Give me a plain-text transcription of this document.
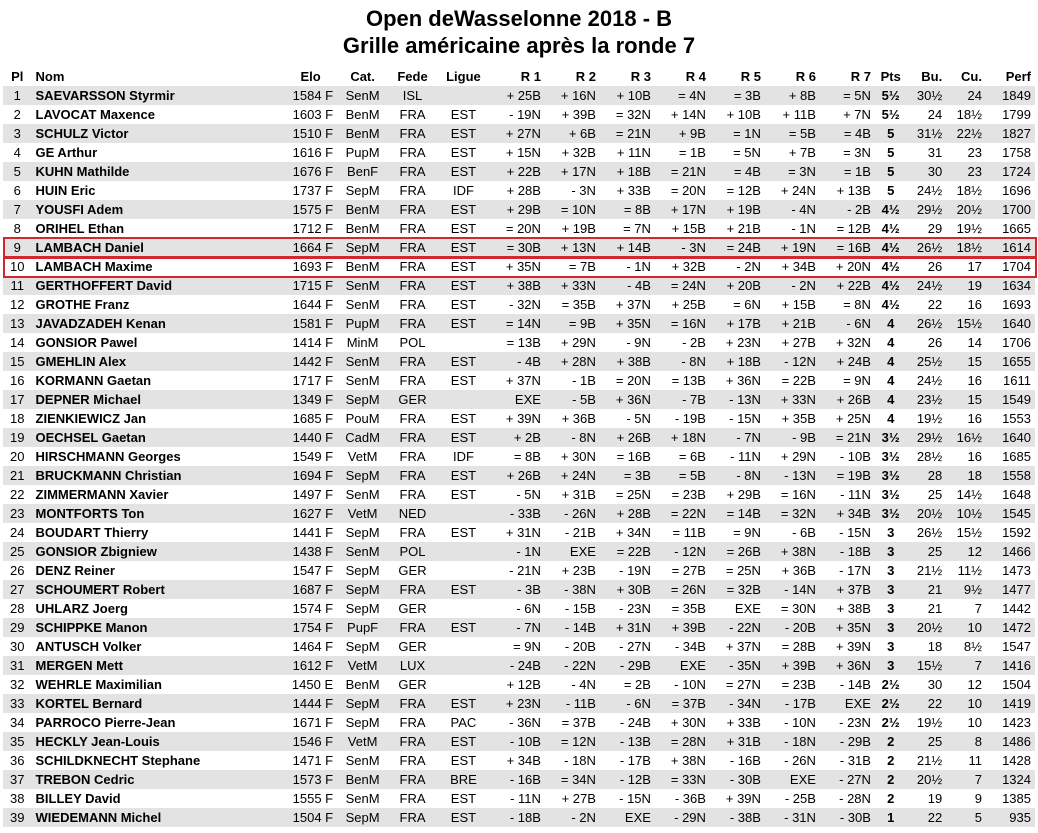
Open deWasselonne 2018 - B
Grille américaine après la ronde 7
Pl	Nom	Elo	Cat.	Fede	Ligue	R 1	R 2	R 3	R 4	R 5	R 6	R 7	Pts	Bu.	Cu.	Perf
1	SAEVARSSON Styrmir	1584 F	SenM	ISL		+ 25B	+ 16N	+ 10B	= 4N	= 3B	+ 8B	= 5N	5½	30½	24	1849
2	LAVOCAT Maxence	1603 F	BenM	FRA	EST	- 19N	+ 39B	= 32N	+ 14N	+ 10B	+ 11B	+ 7N	5½	24	18½	1799
3	SCHULZ Victor	1510 F	BenM	FRA	EST	+ 27N	+ 6B	= 21N	+ 9B	= 1N	= 5B	= 4B	5	31½	22½	1827
4	GE Arthur	1616 F	PupM	FRA	EST	+ 15N	+ 32B	+ 11N	= 1B	= 5N	+ 7B	= 3N	5	31	23	1758
5	KUHN Mathilde	1676 F	BenF	FRA	EST	+ 22B	+ 17N	+ 18B	= 21N	= 4B	= 3N	= 1B	5	30	23	1724
6	HUIN Eric	1737 F	SepM	FRA	IDF	+ 28B	- 3N	+ 33B	= 20N	= 12B	+ 24N	+ 13B	5	24½	18½	1696
7	YOUSFI Adem	1575 F	BenM	FRA	EST	+ 29B	= 10N	= 8B	+ 17N	+ 19B	- 4N	- 2B	4½	29½	20½	1700
8	ORIHEL Ethan	1712 F	BenM	FRA	EST	= 20N	+ 19B	= 7N	+ 15B	+ 21B	- 1N	= 12B	4½	29	19½	1665
9	LAMBACH Daniel	1664 F	SepM	FRA	EST	= 30B	+ 13N	+ 14B	- 3N	= 24B	+ 19N	= 16B	4½	26½	18½	1614
10	LAMBACH Maxime	1693 F	BenM	FRA	EST	+ 35N	= 7B	- 1N	+ 32B	- 2N	+ 34B	+ 20N	4½	26	17	1704
11	GERTHOFFERT David	1715 F	SenM	FRA	EST	+ 38B	+ 33N	- 4B	= 24N	+ 20B	- 2N	+ 22B	4½	24½	19	1634
12	GROTHE Franz	1644 F	SenM	FRA	EST	- 32N	= 35B	+ 37N	+ 25B	= 6N	+ 15B	= 8N	4½	22	16	1693
13	JAVADZADEH Kenan	1581 F	PupM	FRA	EST	= 14N	= 9B	+ 35N	= 16N	+ 17B	+ 21B	- 6N	4	26½	15½	1640
14	GONSIOR Pawel	1414 F	MinM	POL		= 13B	+ 29N	- 9N	- 2B	+ 23N	+ 27B	+ 32N	4	26	14	1706
15	GMEHLIN Alex	1442 F	SenM	FRA	EST	- 4B	+ 28N	+ 38B	- 8N	+ 18B	- 12N	+ 24B	4	25½	15	1655
16	KORMANN Gaetan	1717 F	SenM	FRA	EST	+ 37N	- 1B	= 20N	= 13B	+ 36N	= 22B	= 9N	4	24½	16	1611
17	DEPNER Michael	1349 F	SepM	GER		EXE	- 5B	+ 36N	- 7B	- 13N	+ 33N	+ 26B	4	23½	15	1549
18	ZIENKIEWICZ Jan	1685 F	PouM	FRA	EST	+ 39N	+ 36B	- 5N	- 19B	- 15N	+ 35B	+ 25N	4	19½	16	1553
19	OECHSEL Gaetan	1440 F	CadM	FRA	EST	+ 2B	- 8N	+ 26B	+ 18N	- 7N	- 9B	= 21N	3½	29½	16½	1640
20	HIRSCHMANN Georges	1549 F	VetM	FRA	IDF	= 8B	+ 30N	= 16B	= 6B	- 11N	+ 29N	- 10B	3½	28½	16	1685
21	BRUCKMANN Christian	1694 F	SepM	FRA	EST	+ 26B	+ 24N	= 3B	= 5B	- 8N	- 13N	= 19B	3½	28	18	1558
22	ZIMMERMANN Xavier	1497 F	SenM	FRA	EST	- 5N	+ 31B	= 25N	= 23B	+ 29B	= 16N	- 11N	3½	25	14½	1648
23	MONTFORTS Ton	1627 F	VetM	NED		- 33B	- 26N	+ 28B	= 22N	= 14B	= 32N	+ 34B	3½	20½	10½	1545
24	BOUDART Thierry	1441 F	SepM	FRA	EST	+ 31N	- 21B	+ 34N	= 11B	= 9N	- 6B	- 15N	3	26½	15½	1592
25	GONSIOR Zbigniew	1438 F	SenM	POL		- 1N	EXE	= 22B	- 12N	= 26B	+ 38N	- 18B	3	25	12	1466
26	DENZ Reiner	1547 F	SepM	GER		- 21N	+ 23B	- 19N	= 27B	= 25N	+ 36B	- 17N	3	21½	11½	1473
27	SCHOUMERT Robert	1687 F	SepM	FRA	EST	- 3B	- 38N	+ 30B	= 26N	= 32B	- 14N	+ 37B	3	21	9½	1477
28	UHLARZ Joerg	1574 F	SepM	GER		- 6N	- 15B	- 23N	= 35B	EXE	= 30N	+ 38B	3	21	7	1442
29	SCHIPPKE Manon	1754 F	PupF	FRA	EST	- 7N	- 14B	+ 31N	+ 39B	- 22N	- 20B	+ 35N	3	20½	10	1472
30	ANTUSCH Volker	1464 F	SepM	GER		= 9N	- 20B	- 27N	- 34B	+ 37N	= 28B	+ 39N	3	18	8½	1547
31	MERGEN Mett	1612 F	VetM	LUX		- 24B	- 22N	- 29B	EXE	- 35N	+ 39B	+ 36N	3	15½	7	1416
32	WEHRLE Maximilian	1450 E	BenM	GER		+ 12B	- 4N	= 2B	- 10N	= 27N	= 23B	- 14B	2½	30	12	1504
33	KORTEL Bernard	1444 F	SepM	FRA	EST	+ 23N	- 11B	- 6N	= 37B	- 34N	- 17B	EXE	2½	22	10	1419
34	PARROCO Pierre-Jean	1671 F	SepM	FRA	PAC	- 36N	= 37B	- 24B	+ 30N	+ 33B	- 10N	- 23N	2½	19½	10	1423
35	HECKLY Jean-Louis	1546 F	VetM	FRA	EST	- 10B	= 12N	- 13B	= 28N	+ 31B	- 18N	- 29B	2	25	8	1486
36	SCHILDKNECHT Stephane	1471 F	SenM	FRA	EST	+ 34B	- 18N	- 17B	+ 38N	- 16B	- 26N	- 31B	2	21½	11	1428
37	TREBON Cedric	1573 F	BenM	FRA	BRE	- 16B	= 34N	- 12B	= 33N	- 30B	EXE	- 27N	2	20½	7	1324
38	BILLEY David	1555 F	SenM	FRA	EST	- 11N	+ 27B	- 15N	- 36B	+ 39N	- 25B	- 28N	2	19	9	1385
39	WIEDEMANN Michel	1504 F	SepM	FRA	EST	- 18B	- 2N	EXE	- 29N	- 38B	- 31N	- 30B	1	22	5	935
